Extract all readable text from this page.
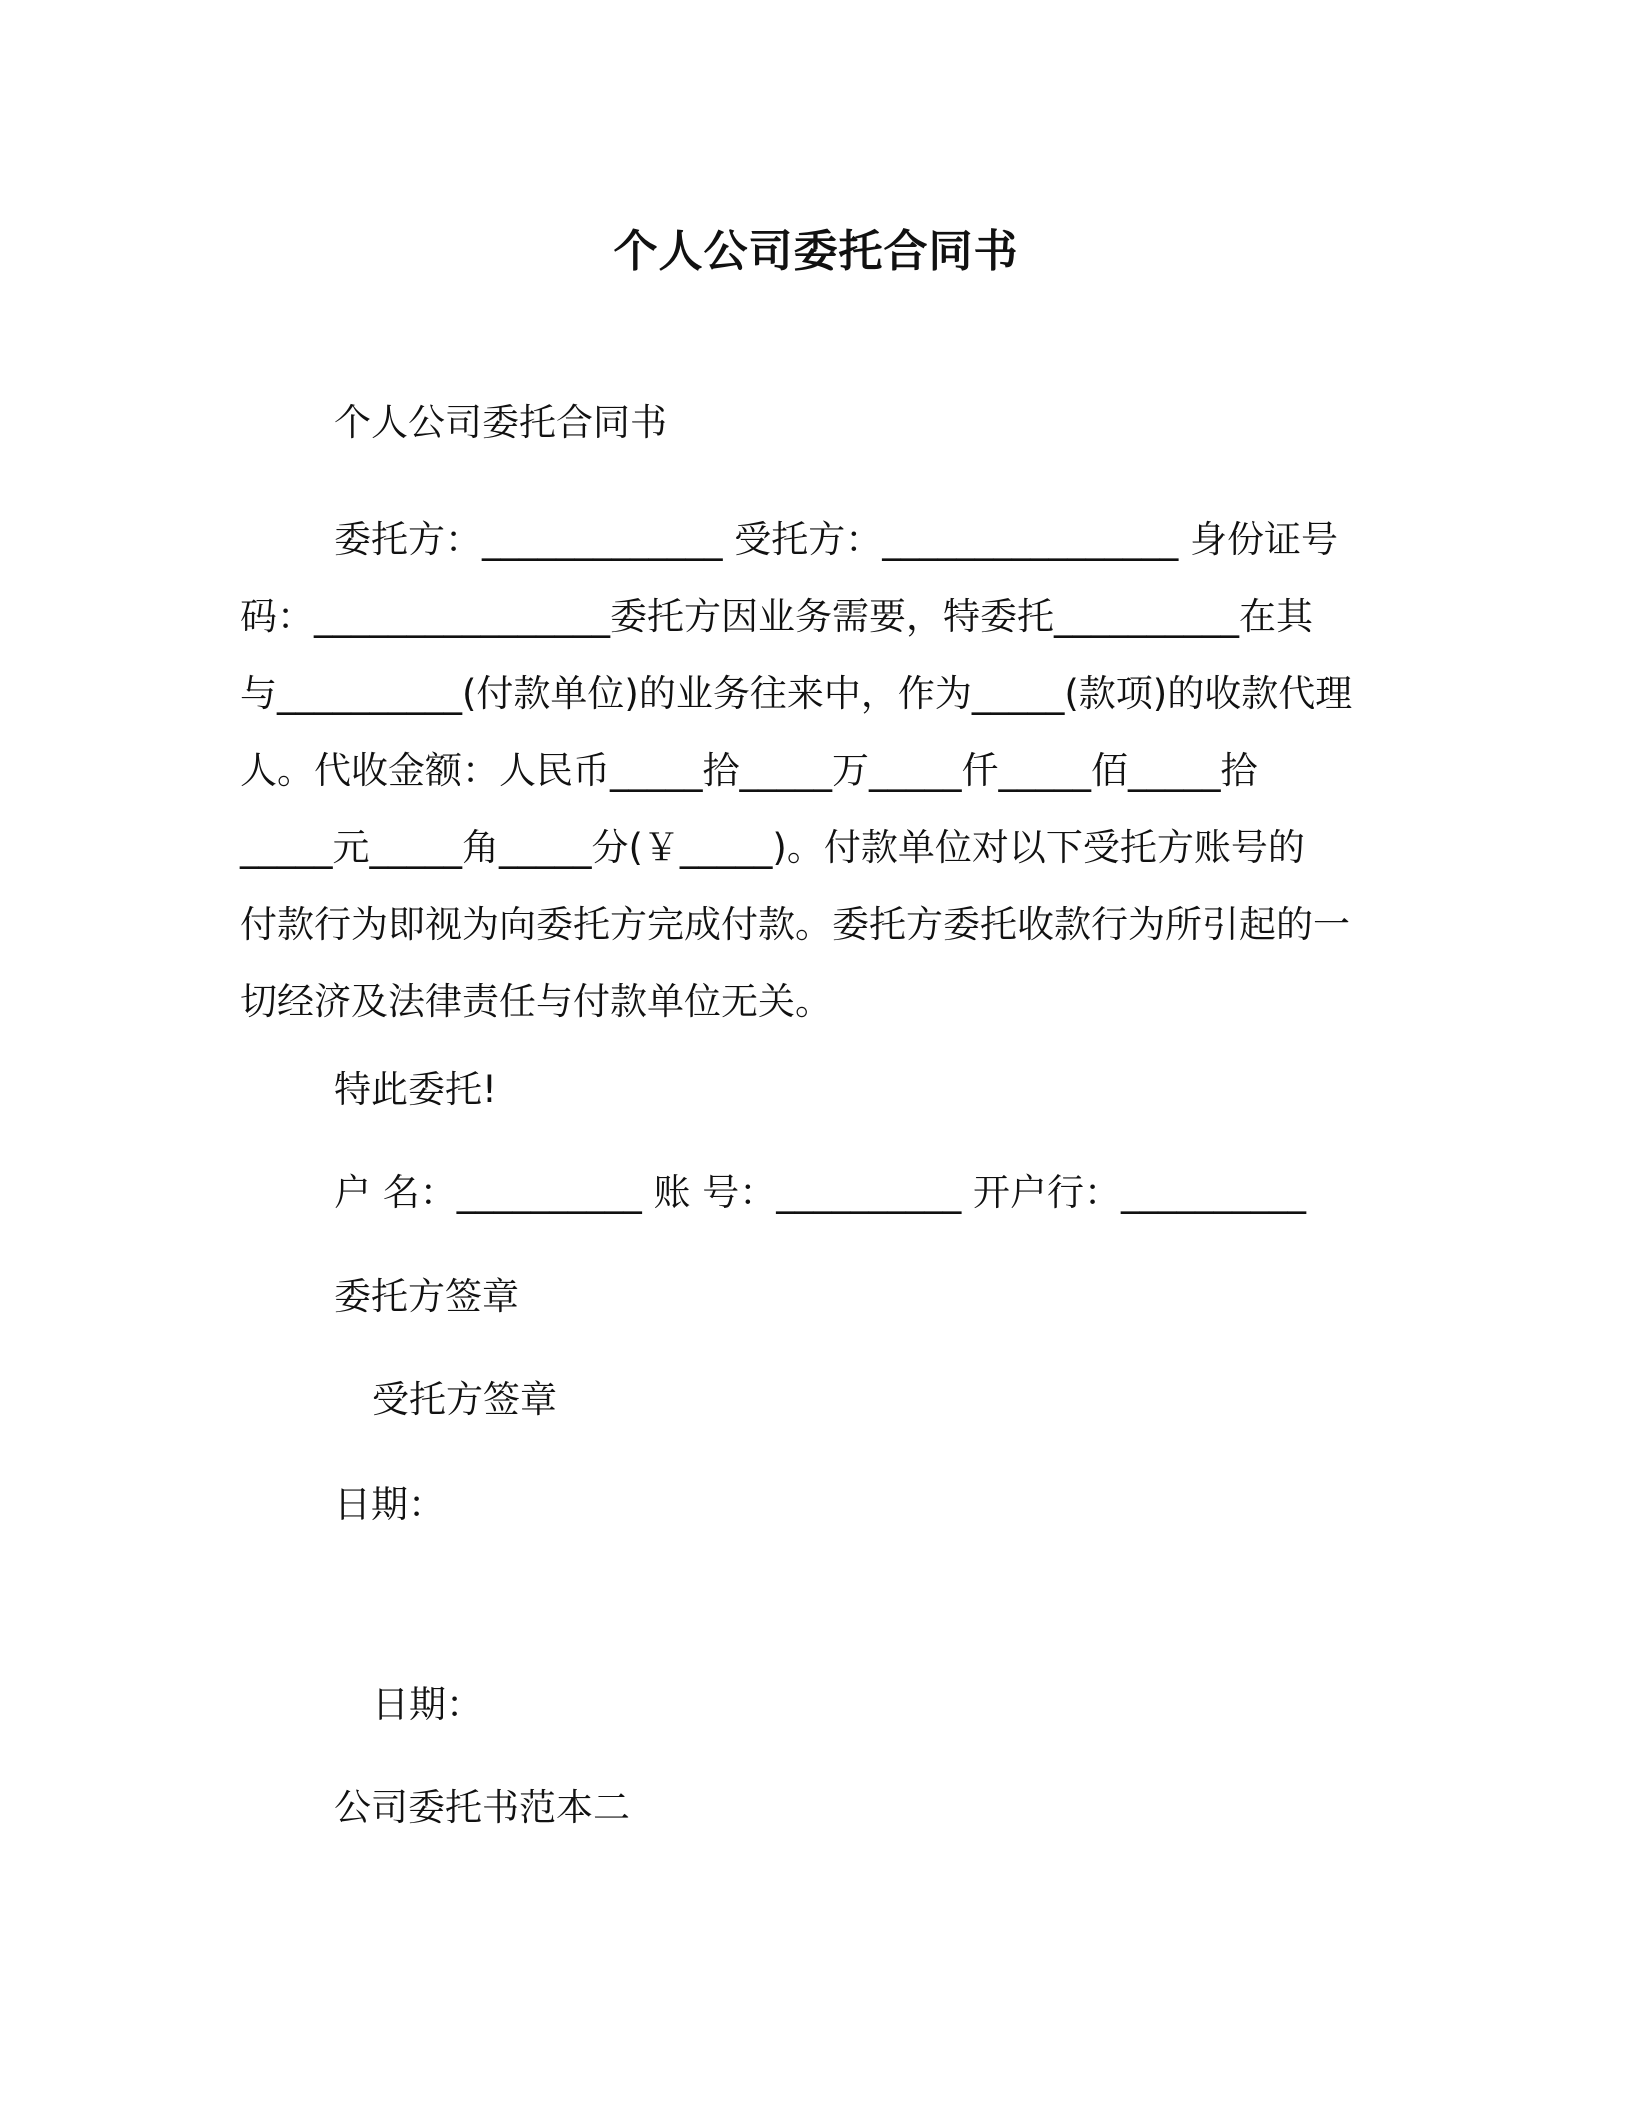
个人公司委托合同书
个人公司委托合同书
委托方：_____________ 受托方：________________ 身份证号
码：________________委托方因业务需要，特委托__________在其
与__________(付款单位)的业务往来中，作为_____(款项)的收款代理
人。代收金额：人民币_____拾_____万_____仟_____佰_____拾
_____元_____角_____分(￥_____)。付款单位对以下受托方账号的
付款行为即视为向委托方完成付款。委托方委托收款行为所引起的一
切经济及法律责任与付款单位无关。
特此委托!
户 名：__________ 账 号：__________ 开户行：__________
委托方签章
受托方签章
日期：
日期：
公司委托书范本二
